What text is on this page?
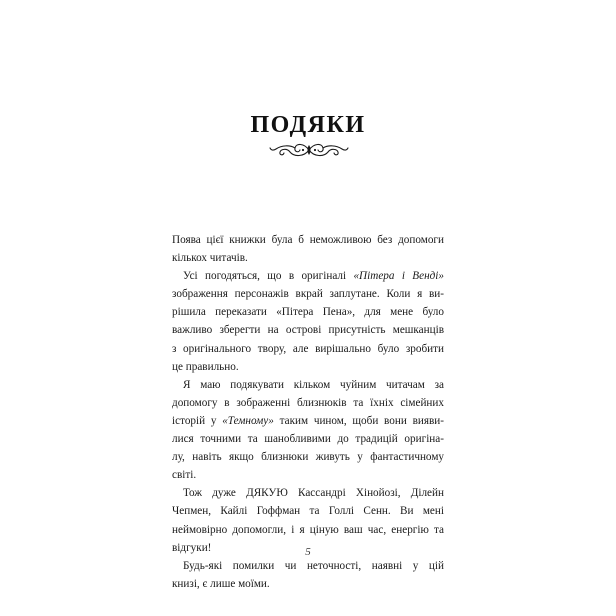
ПОДЯКИ

Поява цієї книжки була б неможливою без допомоги
кількох читачів.

Усі погодяться, що в оригіналі «Пітера і Венді»
зображення персонажів вкрай заплутане. Коли я ви-
рішила переказати «Пітера Пена», для мене було
важливо зберегти на острові присутність мешканців
з оригінального твору, але вирішально було зробити
це правильно.

Я маю подякувати кільком чуйним читачам за
допомогу в зображенні близнюків та їхніх сімейних
історій у «Темному» таким чином, щоби вони вияви-
лися точними та шанобливими до традицій оригіна-
лу, навіть якщо близнюки живуть у фантастичному
світі.

Тож дуже ДЯКУЮ Кассандрі Хінойозі, Ділейн
Чепмен, Кайлі Гоффман та Голлі Сенн. Ви мені
неймовірно допомогли, і я ціную ваш час, енергію та
відгуки!

Будь-які помилки чи неточності, наявні у цій
книзі, є лише моїми.

5
